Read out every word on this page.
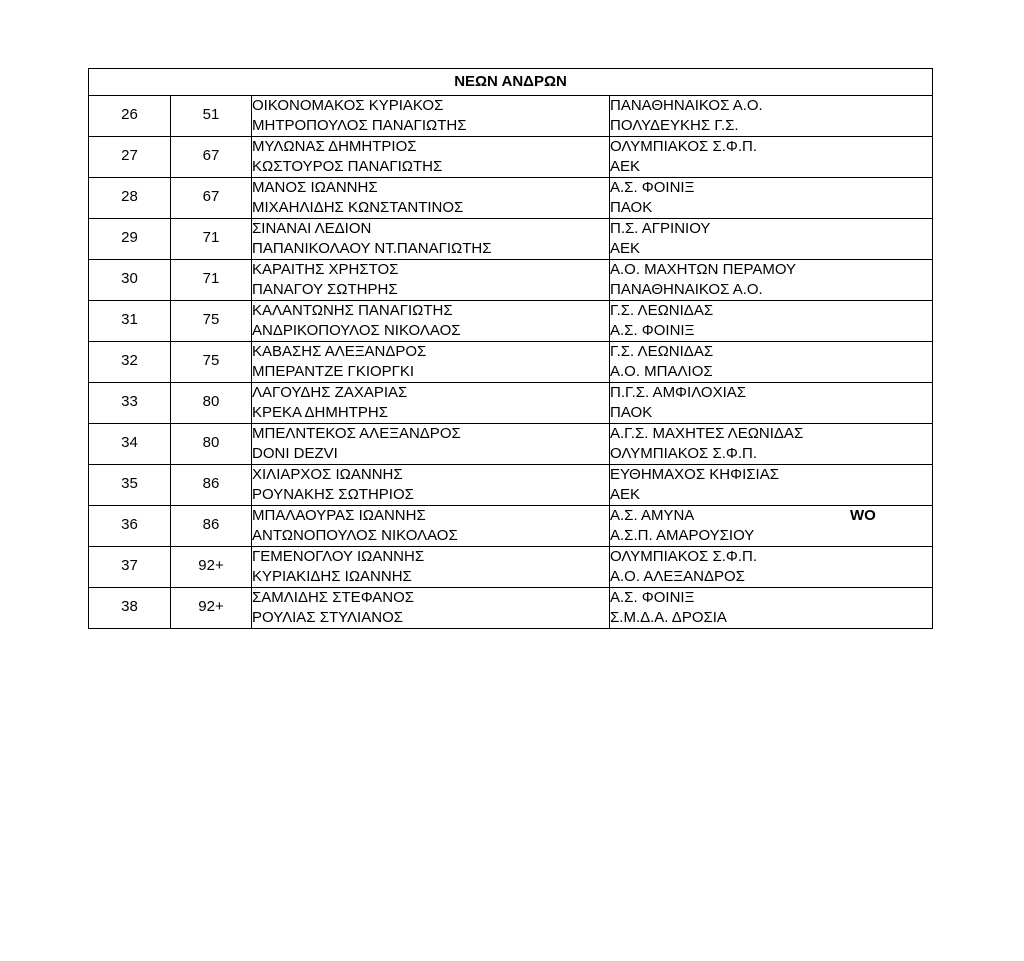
ΝΕΩΝ ΑΝΔΡΩΝ			
26	51	ΟΙΚΟΝΟΜΑΚΟΣ ΚΥΡΙΑΚΟΣ
ΜΗΤΡΟΠΟΥΛΟΣ ΠΑΝΑΓΙΩΤΗΣ	ΠΑΝΑΘΗΝΑΙΚΟΣ Α.Ο.
ΠΟΛΥΔΕΥΚΗΣ Γ.Σ.

27	67	ΜΥΛΩΝΑΣ ΔΗΜΗΤΡΙΟΣ
ΚΩΣΤΟΥΡΟΣ ΠΑΝΑΓΙΩΤΗΣ	ΟΛΥΜΠΙΑΚΟΣ Σ.Φ.Π.
ΑΕΚ

28	67	ΜΑΝΟΣ ΙΩΑΝΝΗΣ
ΜΙΧΑΗΛΙΔΗΣ ΚΩΝΣΤΑΝΤΙΝΟΣ	Α.Σ. ΦΟΙΝΙΞ
ΠΑΟΚ

29	71	ΣΙΝΑΝΑΙ ΛΕΔΙΟΝ
ΠΑΠΑΝΙΚΟΛΑΟΥ ΝΤ.ΠΑΝΑΓΙΩΤΗΣ	Π.Σ. ΑΓΡΙΝΙΟΥ
ΑΕΚ

30	71	ΚΑΡΑΙΤΗΣ ΧΡΗΣΤΟΣ
ΠΑΝΑΓΟΥ ΣΩΤΗΡΗΣ	Α.Ο. ΜΑΧΗΤΩΝ ΠΕΡΑΜΟΥ
ΠΑΝΑΘΗΝΑΙΚΟΣ Α.Ο.

31	75	ΚΑΛΑΝΤΩΝΗΣ ΠΑΝΑΓΙΩΤΗΣ
ΑΝΔΡΙΚΟΠΟΥΛΟΣ ΝΙΚΟΛΑΟΣ	Γ.Σ. ΛΕΩΝΙΔΑΣ
Α.Σ. ΦΟΙΝΙΞ

32	75	ΚΑΒΑΣΗΣ ΑΛΕΞΑΝΔΡΟΣ
ΜΠΕΡΑΝΤΖΕ ΓΚΙΟΡΓΚΙ	Γ.Σ. ΛΕΩΝΙΔΑΣ
Α.Ο. ΜΠΑΛΙΟΣ

33	80	ΛΑΓΟΥΔΗΣ ΖΑΧΑΡΙΑΣ
ΚΡΕΚΑ ΔΗΜΗΤΡΗΣ	Π.Γ.Σ. ΑΜΦΙΛΟΧΙΑΣ
ΠΑΟΚ

34	80	ΜΠΕΛΝΤΕΚΟΣ ΑΛΕΞΑΝΔΡΟΣ
DONI DEZVI	Α.Γ.Σ. ΜΑΧΗΤΕΣ ΛΕΩΝΙΔΑΣ
ΟΛΥΜΠΙΑΚΟΣ Σ.Φ.Π.

35	86	ΧΙΛΙΑΡΧΟΣ ΙΩΑΝΝΗΣ
ΡΟΥΝΑΚΗΣ ΣΩΤΗΡΙΟΣ	ΕΥΘΗΜΑΧΟΣ ΚΗΦΙΣΙΑΣ
ΑΕΚ

36	86	ΜΠΑΛΑΟΥΡΑΣ ΙΩΑΝΝΗΣ
ΑΝΤΩΝΟΠΟΥΛΟΣ ΝΙΚΟΛΑΟΣ	Α.Σ. ΑΜΥΝΑ WO
Α.Σ.Π. ΑΜΑΡΟΥΣΙΟΥ

37	92+	ΓΕΜΕΝΟΓΛΟΥ ΙΩΑΝΝΗΣ
ΚΥΡΙΑΚΙΔΗΣ ΙΩΑΝΝΗΣ	ΟΛΥΜΠΙΑΚΟΣ Σ.Φ.Π.
Α.Ο. ΑΛΕΞΑΝΔΡΟΣ

38	92+	ΣΑΜΛΙΔΗΣ ΣΤΕΦΑΝΟΣ
ΡΟΥΛΙΑΣ ΣΤΥΛΙΑΝΟΣ	Α.Σ. ΦΟΙΝΙΞ
Σ.Μ.Δ.Α. ΔΡΟΣΙΑ
